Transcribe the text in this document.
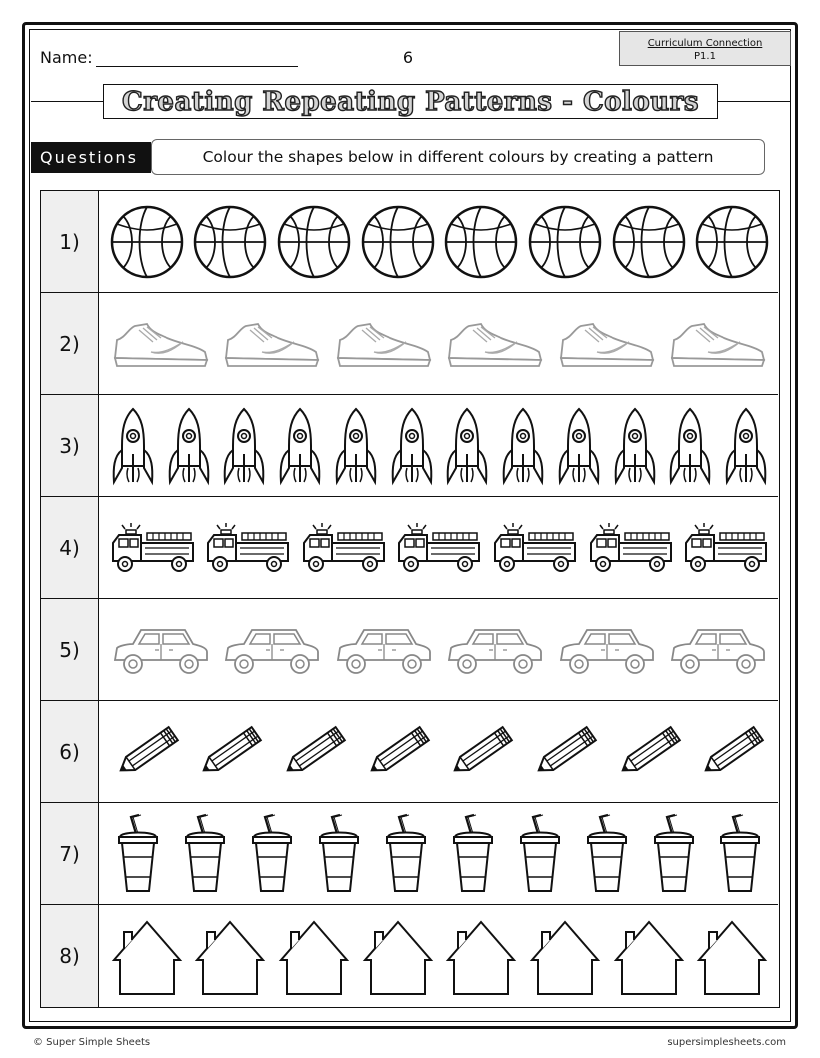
Name:	6
Curriculum Connection
P1.1
Creating Repeating Patterns - Colours
Questions	Colour the shapes below in different colours by creating a pattern
1)
2)
3)
4)
5)
6)
7)
8)
© Super Simple Sheets	supersimplesheets.com
